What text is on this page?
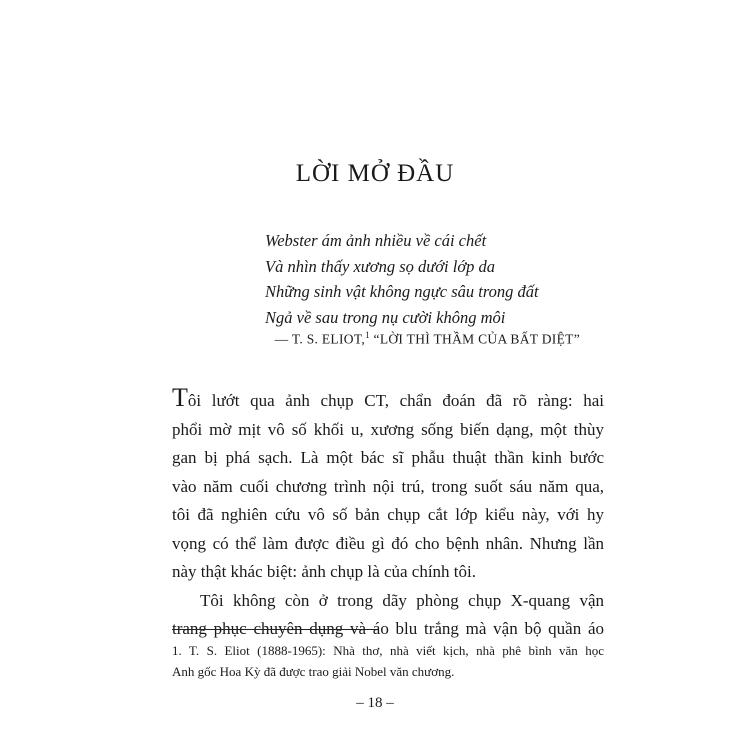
LỜI MỞ ĐẦU
Webster ám ảnh nhiều về cái chết
Và nhìn thấy xương sọ dưới lớp da
Những sinh vật không ngực sâu trong đất
Ngả về sau trong nụ cười không môi
— T. S. ELIOT,$^1$ “LỜI THÌ THẦM CỦA BẤT DIỆT”
Tôi lướt qua ảnh chụp CT, chẩn đoán đã rõ ràng: hai
phổi mờ mịt vô số khối u, xương sống biến dạng, một thùy
gan bị phá sạch. Là một bác sĩ phẫu thuật thần kinh bước
vào năm cuối chương trình nội trú, trong suốt sáu năm qua,
tôi đã nghiên cứu vô số bản chụp cắt lớp kiểu này, với hy
vọng có thể làm được điều gì đó cho bệnh nhân. Nhưng lần
này thật khác biệt: ảnh chụp là của chính tôi.
Tôi không còn ở trong dãy phòng chụp X-quang vận
trang phục chuyên dụng và áo blu trắng mà vận bộ quần áo
1. T. S. Eliot (1888-1965): Nhà thơ, nhà viết kịch, nhà phê bình văn học
Anh gốc Hoa Kỳ đã được trao giải Nobel văn chương.
– 18 –
